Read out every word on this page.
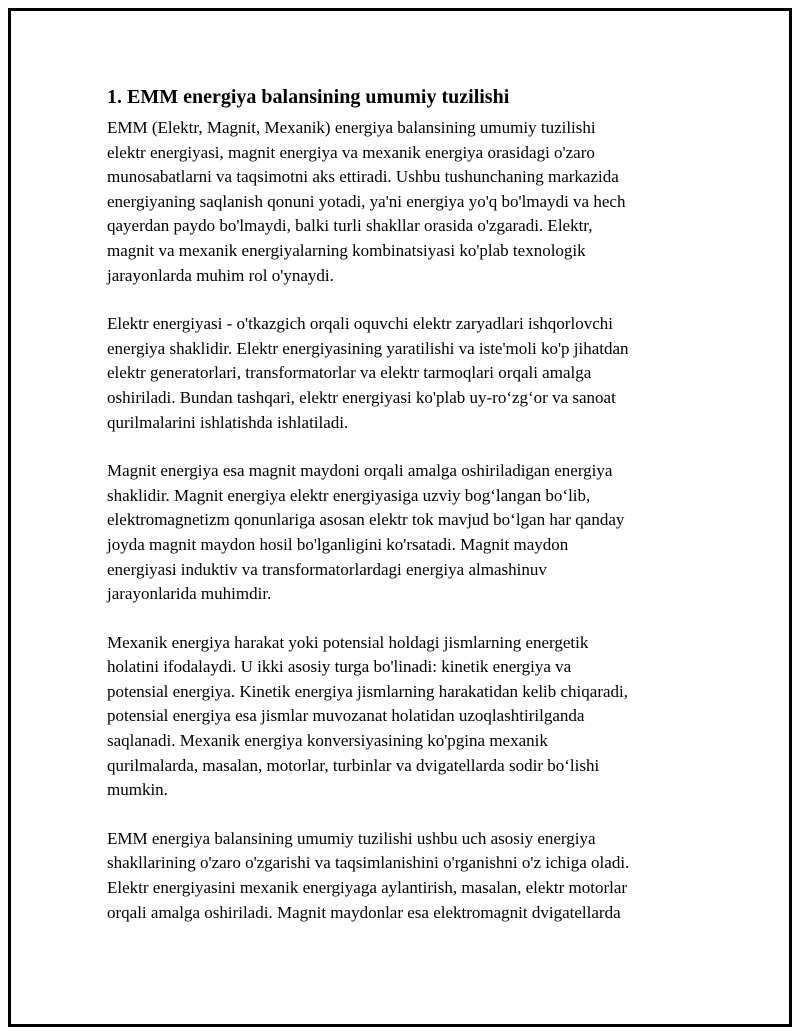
1. EMM energiya balansining umumiy tuzilishi

EMM (Elektr, Magnit, Mexanik) energiya balansining umumiy tuzilishi
elektr energiyasi, magnit energiya va mexanik energiya orasidagi o'zaro
munosabatlarni va taqsimotni aks ettiradi. Ushbu tushunchaning markazida
energiyaning saqlanish qonuni yotadi, ya'ni energiya yo'q bo'lmaydi va hech
qayerdan paydo bo'lmaydi, balki turli shakllar orasida o'zgaradi. Elektr,
magnit va mexanik energiyalarning kombinatsiyasi ko'plab texnologik
jarayonlarda muhim rol o'ynaydi.

Elektr energiyasi - o'tkazgich orqali oquvchi elektr zaryadlari ishqorlovchi
energiya shaklidir. Elektr energiyasining yaratilishi va iste'moli ko'p jihatdan
elektr generatorlari, transformatorlar va elektr tarmoqlari orqali amalga
oshiriladi. Bundan tashqari, elektr energiyasi ko'plab uy-ro‘zg‘or va sanoat
qurilmalarini ishlatishda ishlatiladi.

Magnit energiya esa magnit maydoni orqali amalga oshiriladigan energiya
shaklidir. Magnit energiya elektr energiyasiga uzviy bog‘langan bo‘lib,
elektromagnetizm qonunlariga asosan elektr tok mavjud bo‘lgan har qanday
joyda magnit maydon hosil bo'lganligini ko'rsatadi. Magnit maydon
energiyasi induktiv va transformatorlardagi energiya almashinuv
jarayonlarida muhimdir.

Mexanik energiya harakat yoki potensial holdagi jismlarning energetik
holatini ifodalaydi. U ikki asosiy turga bo'linadi: kinetik energiya va
potensial energiya. Kinetik energiya jismlarning harakatidan kelib chiqaradi,
potensial energiya esa jismlar muvozanat holatidan uzoqlashtirilganda
saqlanadi. Mexanik energiya konversiyasining ko'pgina mexanik
qurilmalarda, masalan, motorlar, turbinlar va dvigatellarda sodir bo‘lishi
mumkin.

EMM energiya balansining umumiy tuzilishi ushbu uch asosiy energiya
shakllarining o'zaro o'zgarishi va taqsimlanishini o'rganishni o'z ichiga oladi.
Elektr energiyasini mexanik energiyaga aylantirish, masalan, elektr motorlar
orqali amalga oshiriladi. Magnit maydonlar esa elektromagnit dvigatellarda
